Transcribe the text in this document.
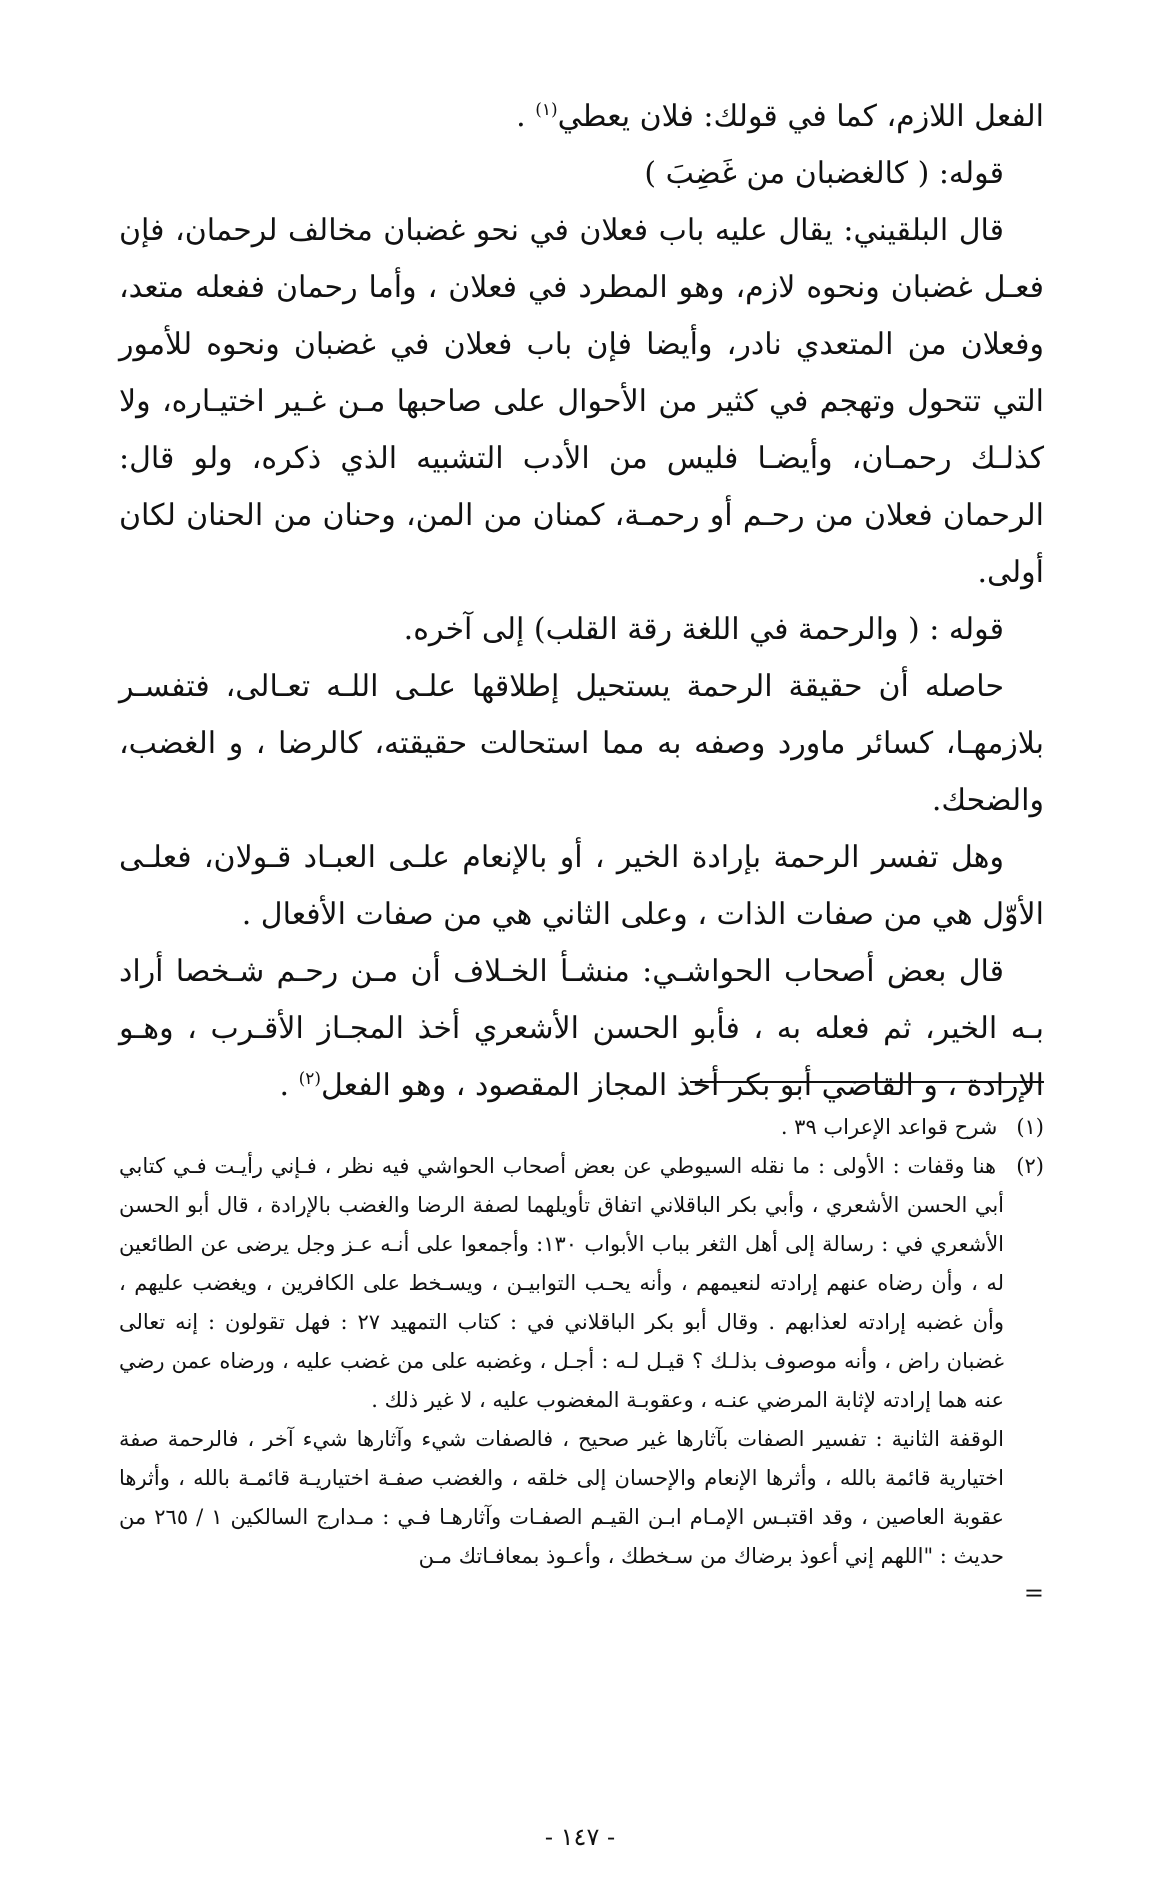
الفعل اللازم، كما في قولك: فلان يعطي$^{(١)}$ .

قوله: ( كالغضبان من غَضِبَ )

قال البلقيني: يقال عليه باب فعلان في نحو غضبان مخالف لرحمان، فإن فعـل غضبان ونحوه لازم، وهو المطرد في فعلان ، وأما رحمان ففعله متعد، وفعلان من المتعدي نادر، وأيضا فإن باب فعلان في غضبان ونحوه للأمور التي تتحول وتهجم في كثير من الأحوال على صاحبها مـن غـير اختيـاره، ولا كذلـك رحمـان، وأيضـا فليس من الأدب التشبيه الذي ذكره، ولو قال: الرحمان فعلان من رحـم أو رحمـة، كمنان من المن، وحنان من الحنان لكان أولى.

قوله : ( والرحمة في اللغة رقة القلب) إلى آخره.

حاصله أن حقيقة الرحمة يستحيل إطلاقها علـى اللـه تعـالى، فتفسـر بلازمهـا، كسائر ماورد وصفه به مما استحالت حقيقته، كالرضا ، و الغضب، والضحك.

وهل تفسر الرحمة بإرادة الخير ، أو بالإنعام علـى العبـاد قـولان، فعلـى الأوّل هي من صفات الذات ، وعلى الثاني هي من صفات الأفعال .

قال بعض أصحاب الحواشـي: منشـأ الخـلاف أن مـن رحـم شـخصا أراد بـه الخير، ثم فعله به ، فأبو الحسن الأشعري أخذ المجـاز الأقـرب ، وهـو الإرادة ، و القاضي أبو بكر أخذ المجاز المقصود ، وهو الفعل$^{(٢)}$ .

(١) شرح قواعد الإعراب ٣٩ .

(٢) هنا وقفات : الأولى : ما نقله السيوطي عن بعض أصحاب الحواشي فيه نظر ، فـإني رأيـت فـي كتابي أبي الحسن الأشعري ، وأبي بكر الباقلاني اتفاق تأويلهما لصفة الرضا والغضب بالإرادة ، قال أبو الحسن الأشعري في : رسالة إلى أهل الثغر بباب الأبواب ١٣٠: وأجمعوا على أنـه عـز وجل يرضى عن الطائعين له ، وأن رضاه عنهم إرادته لنعيمهم ، وأنه يحـب التوابيـن ، ويسـخط على الكافرين ، ويغضب عليهم ، وأن غضبه إرادته لعذابهم . وقال أبو بكر الباقلاني في : كتاب التمهيد ٢٧ : فهل تقولون : إنه تعالى غضبان راض ، وأنه موصوف بذلـك ؟ قيـل لـه : أجـل ، وغضبه على من غضب عليه ، ورضاه عمن رضي عنه هما إرادته لإثابة المرضي عنـه ، وعقوبـة المغضوب عليه ، لا غير ذلك .

الوقفة الثانية : تفسير الصفات بآثارها غير صحيح ، فالصفات شيء وآثارها شيء آخر ، فالرحمة صفة اختيارية قائمة بالله ، وأثرها الإنعام والإحسان إلى خلقه ، والغضب صفـة اختياريـة قائمـة بالله ، وأثرها عقوبة العاصين ، وقد اقتبـس الإمـام ابـن القيـم الصفـات وآثارهـا فـي : مـدارج السالكين ١ / ٢٦٥ من حديث : "اللهم إني أعوذ برضاك من سـخطك ، وأعـوذ بمعافـاتك مـن

=
- ١٤٧ -
